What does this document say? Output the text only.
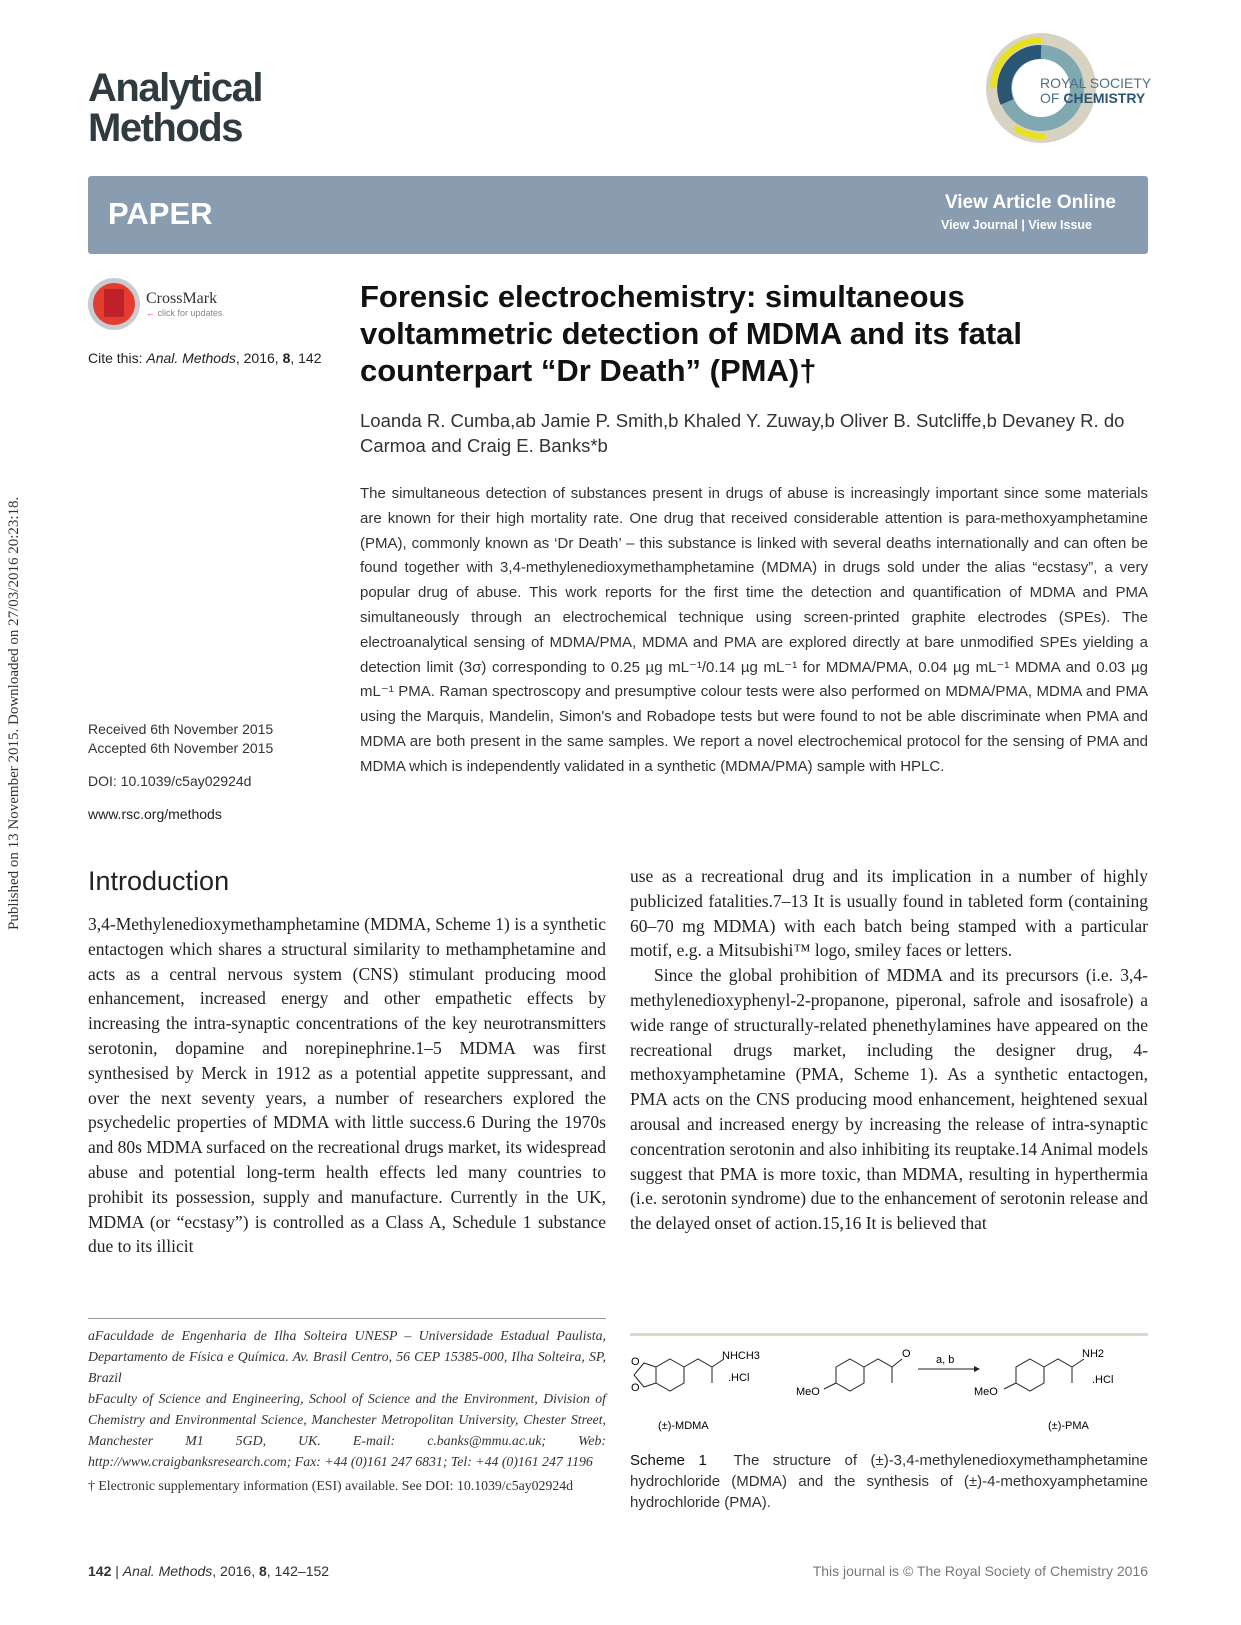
Published on 13 November 2015. Downloaded on 27/03/2016 20:23:18.
Analytical
Methods
ROYAL SOCIETY
OF CHEMISTRY
PAPER	View Article Online
View Journal | View Issue
CrossMark
← click for updates
Cite this: Anal. Methods, 2016, 8, 142
Forensic electrochemistry: simultaneous voltammetric detection of MDMA and its fatal counterpart “Dr Death” (PMA)†
Loanda R. Cumba,ab Jamie P. Smith,b Khaled Y. Zuway,b Oliver B. Sutcliffe,b Devaney R. do Carmoa and Craig E. Banks*b

The simultaneous detection of substances present in drugs of abuse is increasingly important since some materials are known for their high mortality rate. One drug that received considerable attention is para-methoxyamphetamine (PMA), commonly known as ‘Dr Death’ – this substance is linked with several deaths internationally and can often be found together with 3,4-methylenedioxymethamphetamine (MDMA) in drugs sold under the alias “ecstasy”, a very popular drug of abuse. This work reports for the first time the detection and quantification of MDMA and PMA simultaneously through an electrochemical technique using screen-printed graphite electrodes (SPEs). The electroanalytical sensing of MDMA/PMA, MDMA and PMA are explored directly at bare unmodified SPEs yielding a detection limit (3σ) corresponding to 0.25 µg mL⁻¹/0.14 µg mL⁻¹ for MDMA/PMA, 0.04 µg mL⁻¹ MDMA and 0.03 µg mL⁻¹ PMA. Raman spectroscopy and presumptive colour tests were also performed on MDMA/PMA, MDMA and PMA using the Marquis, Mandelin, Simon's and Robadope tests but were found to not be able discriminate when PMA and MDMA are both present in the same samples. We report a novel electrochemical protocol for the sensing of PMA and MDMA which is independently validated in a synthetic (MDMA/PMA) sample with HPLC.

Received 6th November 2015
Accepted 6th November 2015
DOI: 10.1039/c5ay02924d
www.rsc.org/methods
Introduction

3,4-Methylenedioxymethamphetamine (MDMA, Scheme 1) is a synthetic entactogen which shares a structural similarity to methamphetamine and acts as a central nervous system (CNS) stimulant producing mood enhancement, increased energy and other empathetic effects by increasing the intra-synaptic concentrations of the key neurotransmitters serotonin, dopamine and norepinephrine.1–5 MDMA was first synthesised by Merck in 1912 as a potential appetite suppressant, and over the next seventy years, a number of researchers explored the psychedelic properties of MDMA with little success.6 During the 1970s and 80s MDMA surfaced on the recreational drugs market, its widespread abuse and potential long-term health effects led many countries to prohibit its possession, supply and manufacture. Currently in the UK, MDMA (or “ecstasy”) is controlled as a Class A, Schedule 1 substance due to its illicit

use as a recreational drug and its implication in a number of highly publicized fatalities.7–13 It is usually found in tableted form (containing 60–70 mg MDMA) with each batch being stamped with a particular motif, e.g. a Mitsubishi™ logo, smiley faces or letters.

Since the global prohibition of MDMA and its precursors (i.e. 3,4-methylenedioxyphenyl-2-propanone, piperonal, safrole and isosafrole) a wide range of structurally-related phenethylamines have appeared on the recreational drugs market, including the designer drug, 4-methoxyamphetamine (PMA, Scheme 1). As a synthetic entactogen, PMA acts on the CNS producing mood enhancement, heightened sexual arousal and increased energy by increasing the release of intra-synaptic concentration serotonin and also inhibiting its reuptake.14 Animal models suggest that PMA is more toxic, than MDMA, resulting in hyperthermia (i.e. serotonin syndrome) due to the enhancement of serotonin release and the delayed onset of action.15,16 It is believed that

aFaculdade de Engenharia de Ilha Solteira UNESP – Universidade Estadual Paulista, Departamento de Física e Química. Av. Brasil Centro, 56 CEP 15385-000, Ilha Solteira, SP, Brazil

bFaculty of Science and Engineering, School of Science and the Environment, Division of Chemistry and Environmental Science, Manchester Metropolitan University, Chester Street, Manchester M1 5GD, UK. E-mail: c.banks@mmu.ac.uk; Web: http://www.craigbanksresearch.com; Fax: +44 (0)161 247 6831; Tel: +44 (0)161 247 1196

† Electronic supplementary information (ESI) available. See DOI: 10.1039/c5ay02924d

O
O
NHCH3
.HCl
MeO
O a, b
MeO
NH2
.HCl
(±)-MDMA	(±)-PMA

Scheme 1 The structure of (±)-3,4-methylenedioxymethamphetamine hydrochloride (MDMA) and the synthesis of (±)-4-methoxyamphetamine hydrochloride (PMA).

142 | Anal. Methods, 2016, 8, 142–152	This journal is © The Royal Society of Chemistry 2016
